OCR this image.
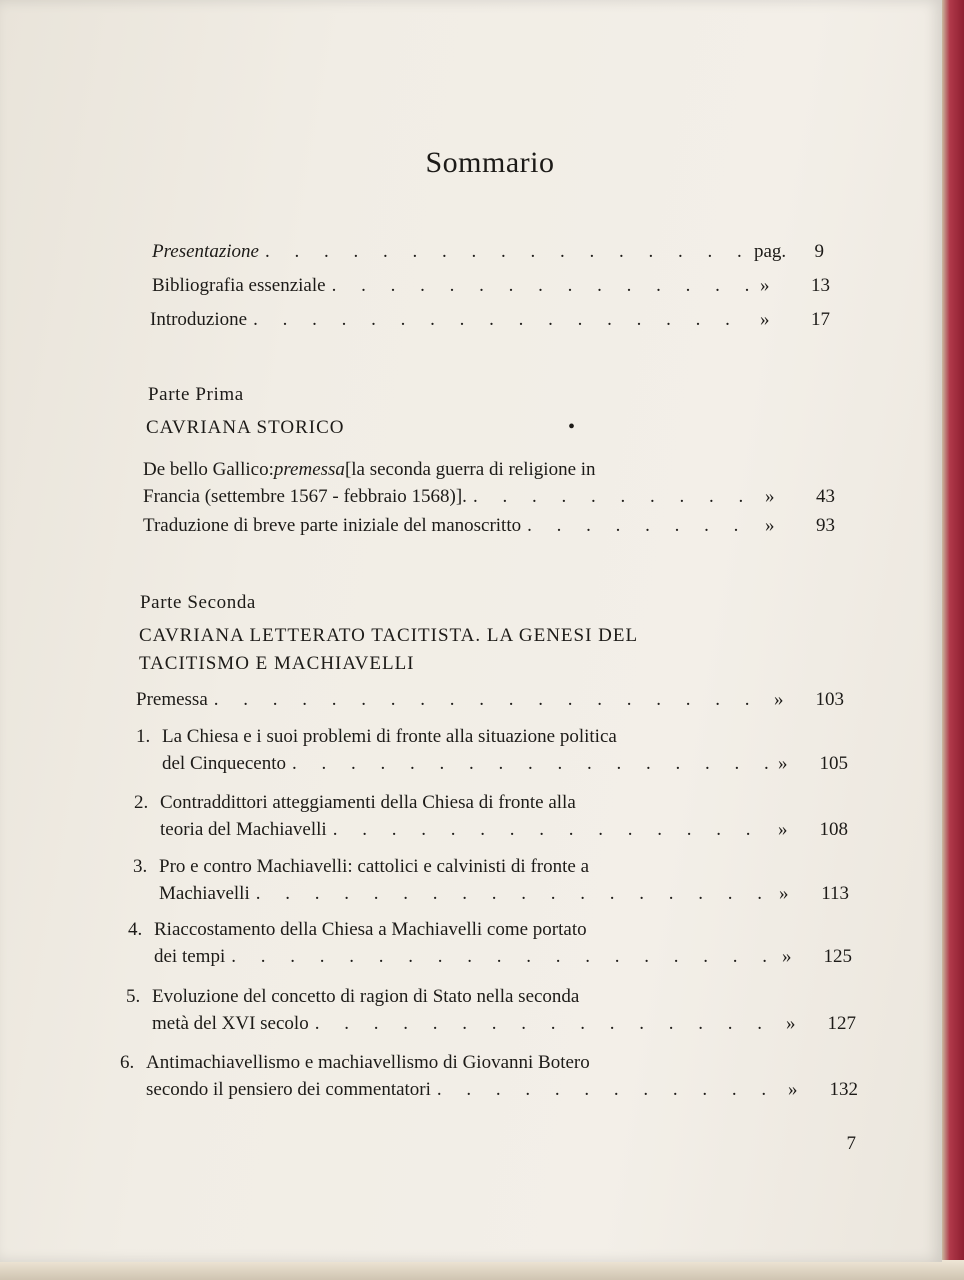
Sommario
Presentazione . . .	pag.	9
Bibliografia essenziale . . .	»	13
Introduzione . . .	»	17
Parte Prima
CAVRIANA STORICO	•
De bello Gallico: premessa [la seconda guerra di religione in
Francia (settembre 1567 - febbraio 1568)]. . . .	»	43
Traduzione di breve parte iniziale del manoscritto . . .	»	93
Parte Seconda
CAVRIANA LETTERATO TACITISTA. LA GENESI DEL
TACITISMO E MACHIAVELLI
Premessa . . .	»	103
1. La Chiesa e i suoi problemi di fronte alla situazione politica
del Cinquecento . . .	»	105
2. Contraddittori atteggiamenti della Chiesa di fronte alla
teoria del Machiavelli . . .	»	108
3. Pro e contro Machiavelli: cattolici e calvinisti di fronte a
Machiavelli . . .	»	113
4. Riaccostamento della Chiesa a Machiavelli come portato
dei tempi . . .	»	125
5. Evoluzione del concetto di ragion di Stato nella seconda
metà del XVI secolo . . .	»	127
6. Antimachiavellismo e machiavellismo di Giovanni Botero
secondo il pensiero dei commentatori . . .	»	132
7
